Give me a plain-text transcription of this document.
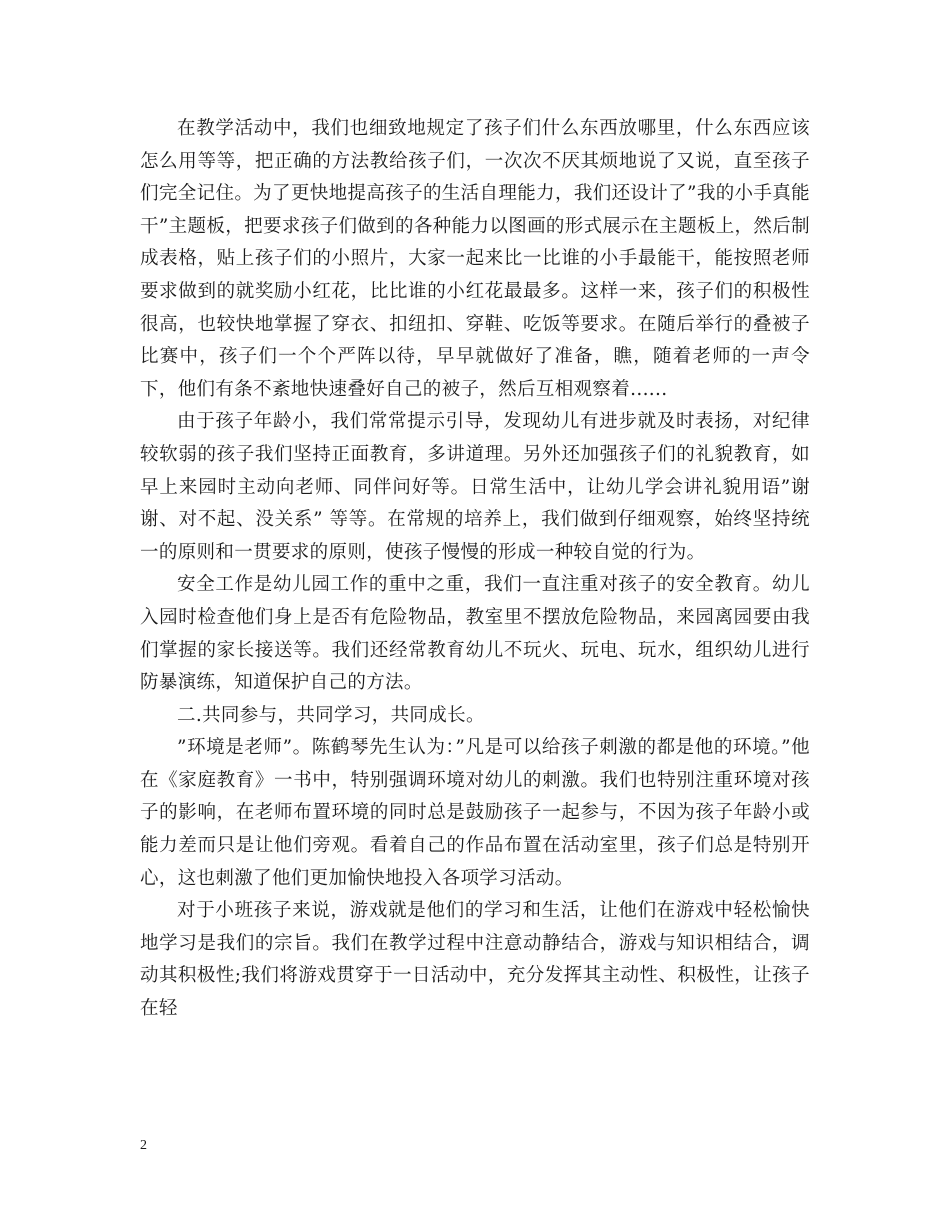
在教学活动中，我们也细致地规定了孩子们什么东西放哪里，什么东西应该怎么用等等，把正确的方法教给孩子们，一次次不厌其烦地说了又说，直至孩子们完全记住。为了更快地提高孩子的生活自理能力，我们还设计了”我的小手真能干”主题板，把要求孩子们做到的各种能力以图画的形式展示在主题板上，然后制成表格，贴上孩子们的小照片，大家一起来比一比谁的小手最能干，能按照老师要求做到的就奖励小红花，比比谁的小红花最最多。这样一来，孩子们的积极性很高，也较快地掌握了穿衣、扣纽扣、穿鞋、吃饭等要求。在随后举行的叠被子比赛中，孩子们一个个严阵以待，早早就做好了准备，瞧，随着老师的一声令下，他们有条不紊地快速叠好自己的被子，然后互相观察着......

由于孩子年龄小，我们常常提示引导，发现幼儿有进步就及时表扬，对纪律较软弱的孩子我们坚持正面教育，多讲道理。另外还加强孩子们的礼貌教育，如早上来园时主动向老师、同伴问好等。日常生活中，让幼儿学会讲礼貌用语”谢谢、对不起、没关系” 等等。在常规的培养上，我们做到仔细观察，始终坚持统一的原则和一贯要求的原则，使孩子慢慢的形成一种较自觉的行为。

安全工作是幼儿园工作的重中之重，我们一直注重对孩子的安全教育。幼儿入园时检查他们身上是否有危险物品，教室里不摆放危险物品，来园离园要由我们掌握的家长接送等。我们还经常教育幼儿不玩火、玩电、玩水，组织幼儿进行防暴演练，知道保护自己的方法。

二.共同参与，共同学习，共同成长。

”环境是老师”。陈鹤琴先生认为：”凡是可以给孩子刺激的都是他的环境。”他在《家庭教育》一书中，特别强调环境对幼儿的刺激。我们也特别注重环境对孩子的影响，在老师布置环境的同时总是鼓励孩子一起参与，不因为孩子年龄小或能力差而只是让他们旁观。看着自己的作品布置在活动室里，孩子们总是特别开心，这也刺激了他们更加愉快地投入各项学习活动。

对于小班孩子来说，游戏就是他们的学习和生活，让他们在游戏中轻松愉快地学习是我们的宗旨。我们在教学过程中注意动静结合，游戏与知识相结合，调动其积极性;我们将游戏贯穿于一日活动中，充分发挥其主动性、积极性，让孩子在轻

2
